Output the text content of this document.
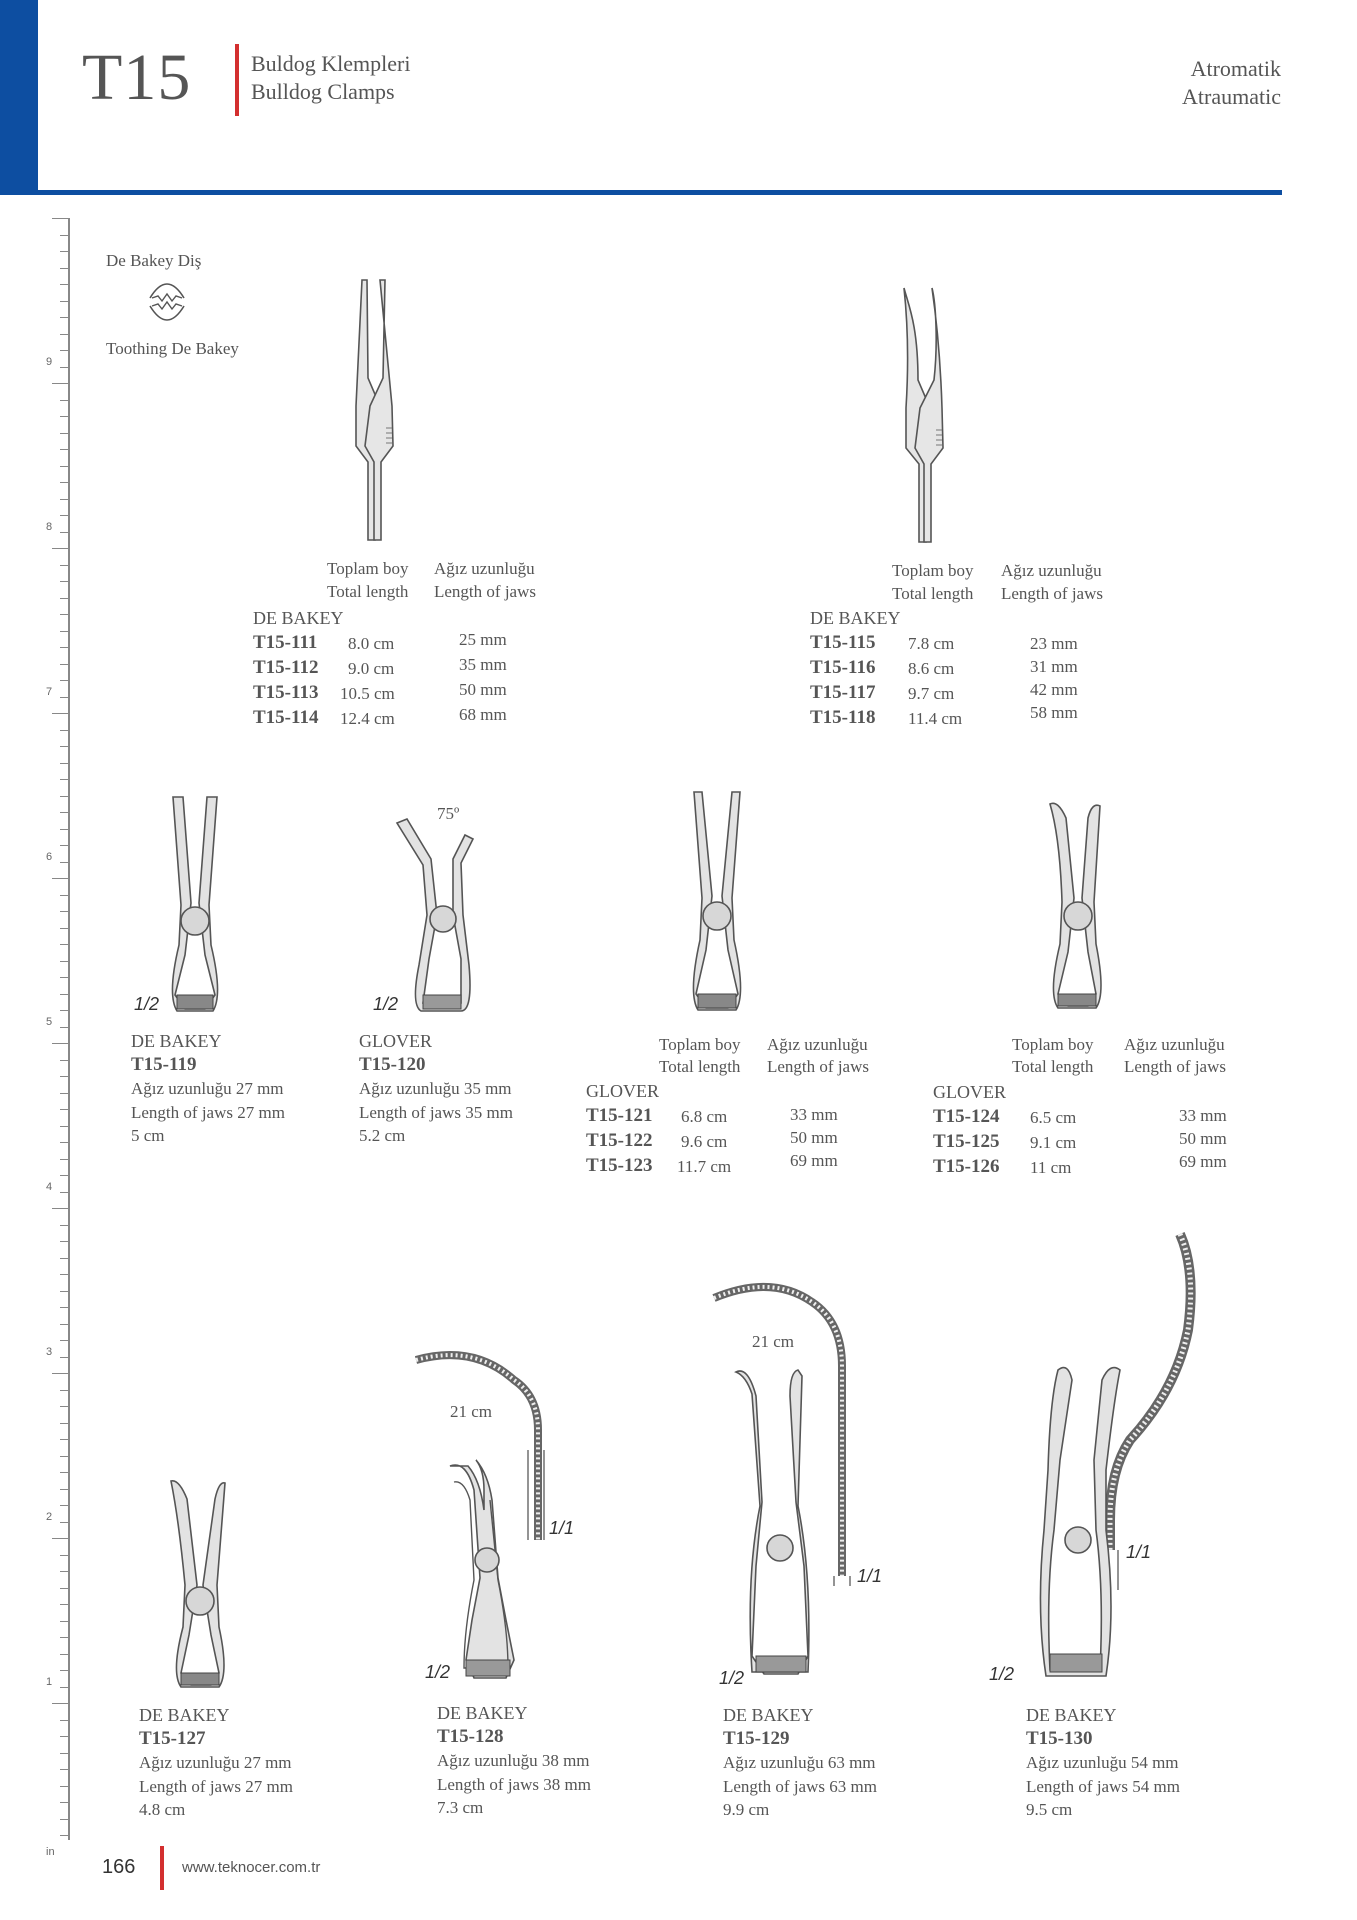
T15	Buldog Klempleri
Bulldog Clamps
Atromatik
Atraumatic
9
8
7
6
5
4
3
2
1
in
De Bakey Diş
Toothing De Bakey
1/2
75º
1/2
21 cm
1/1
1/2
21 cm
1/1
1/2
1/1
1/2
Toplam boy
Total length
Ağız uzunluğu
Length of jaws
DE BAKEY
T15-111 8.0 cm	25 mm
T15-112 9.0 cm	35 mm
T15-113 10.5 cm	50 mm
T15-114 12.4 cm	68 mm
Toplam boy
Total length
Ağız uzunluğu
Length of jaws
DE BAKEY
T15-115 7.8 cm	23 mm
T15-116 8.6 cm	31 mm
T15-117 9.7 cm	42 mm
T15-118 11.4 cm	58 mm
DE BAKEY
T15-119
Ağız uzunluğu 27 mm
Length of jaws 27 mm
5 cm
GLOVER
T15-120
Ağız uzunluğu 35 mm
Length of jaws 35 mm
5.2 cm
Toplam boy
Total length
Ağız uzunluğu
Length of jaws
GLOVER
T15-121 6.8 cm	33 mm
T15-122 9.6 cm	50 mm
T15-123 11.7 cm	69 mm
Toplam boy
Total length
Ağız uzunluğu
Length of jaws
GLOVER
T15-124 6.5 cm	33 mm
T15-125 9.1 cm	50 mm
T15-126 11 cm	69 mm
DE BAKEY
T15-127
Ağız uzunluğu 27 mm
Length of jaws 27 mm
4.8 cm
DE BAKEY
T15-128
Ağız uzunluğu 38 mm
Length of jaws 38 mm
7.3 cm
DE BAKEY
T15-129
Ağız uzunluğu 63 mm
Length of jaws 63 mm
9.9 cm
DE BAKEY
T15-130
Ağız uzunluğu 54 mm
Length of jaws 54 mm
9.5 cm
166	www.teknocer.com.tr
